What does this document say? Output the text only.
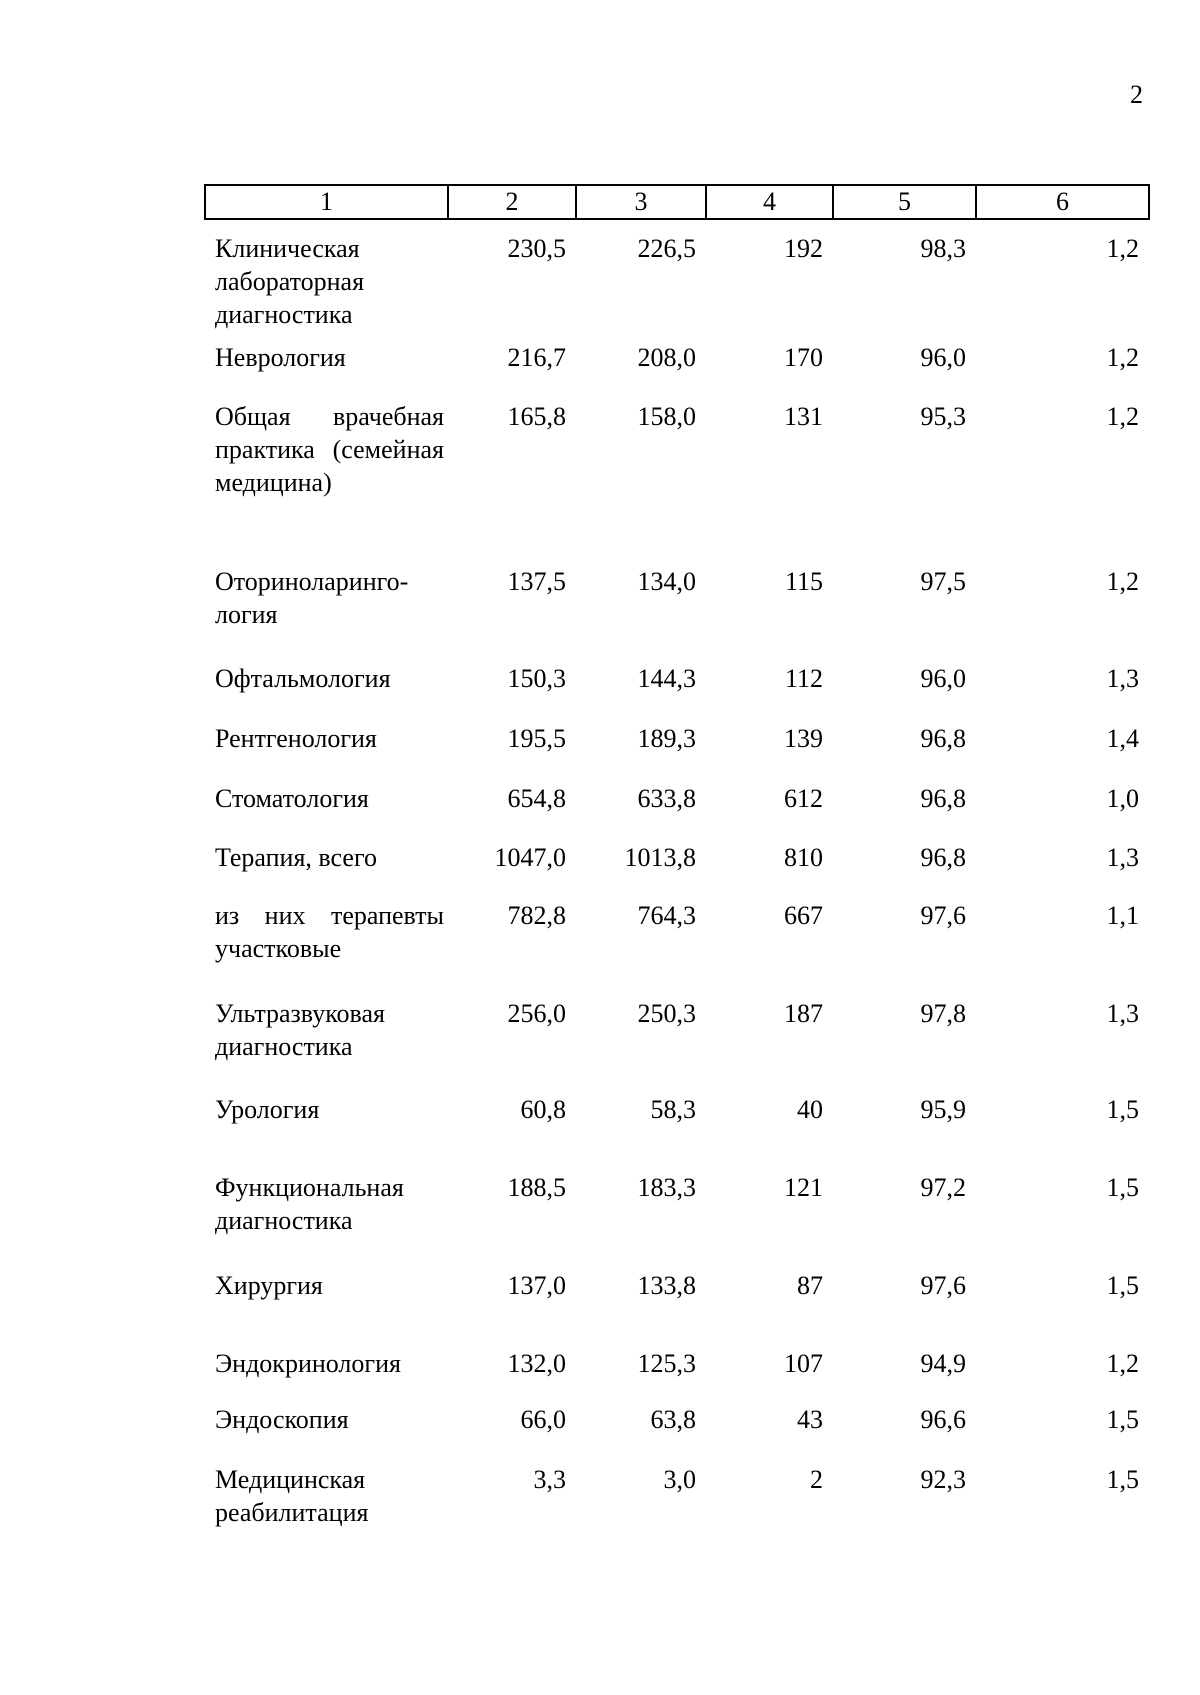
2
1	2	3	4	5	6
Клиническая лабораторная диагностика	230,5	226,5	192	98,3	1,2
Неврология	216,7	208,0	170	96,0	1,2
Общая врачебная практика (семейная медицина)	165,8	158,0	131	95,3	1,2
Оториноларинго-логия	137,5	134,0	115	97,5	1,2
Офтальмология	150,3	144,3	112	96,0	1,3
Рентгенология	195,5	189,3	139	96,8	1,4
Стоматология	654,8	633,8	612	96,8	1,0
Терапия, всего	1047,0	1013,8	810	96,8	1,3
из них терапевты участковые	782,8	764,3	667	97,6	1,1
Ультразвуковая диагностика	256,0	250,3	187	97,8	1,3
Урология	60,8	58,3	40	95,9	1,5
Функциональная диагностика	188,5	183,3	121	97,2	1,5
Хирургия	137,0	133,8	87	97,6	1,5
Эндокринология	132,0	125,3	107	94,9	1,2
Эндоскопия	66,0	63,8	43	96,6	1,5
Медицинская реабилитация	3,3	3,0	2	92,3	1,5
